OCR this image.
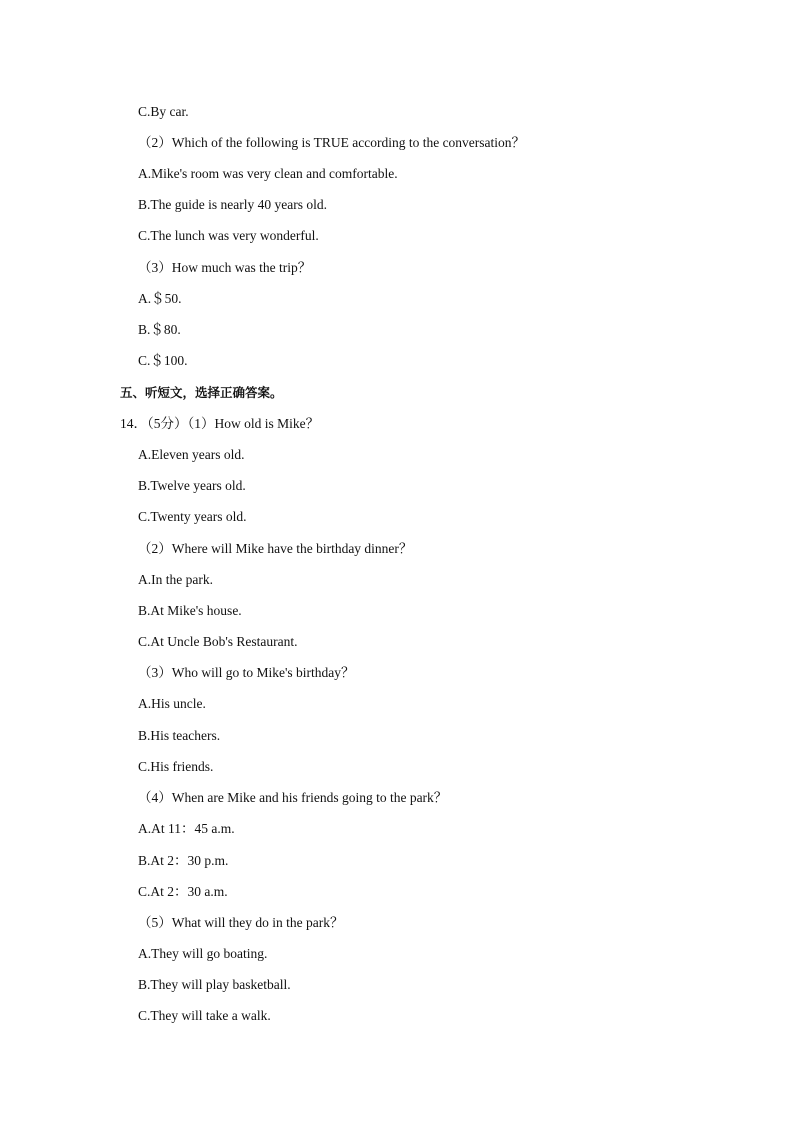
C.By car.
（2）Which of the following is TRUE according to the conversation？
A.Mike's room was very clean and comfortable.
B.The guide is nearly 40 years old.
C.The lunch was very wonderful.
（3）How much was the trip？
A.＄50.
B.＄80.
C.＄100.
五、听短文，选择正确答案。
14．（5分）（1）How old is Mike？
A.Eleven years old.
B.Twelve years old.
C.Twenty years old.
（2）Where will Mike have the birthday dinner？
A.In the park.
B.At Mike's house.
C.At Uncle Bob's Restaurant.
（3）Who will go to Mike's birthday？
A.His uncle.
B.His teachers.
C.His friends.
（4）When are Mike and his friends going to the park？
A.At 11：45 a.m.
B.At 2：30 p.m.
C.At 2：30 a.m.
（5）What will they do in the park？
A.They will go boating.
B.They will play basketball.
C.They will take a walk.
